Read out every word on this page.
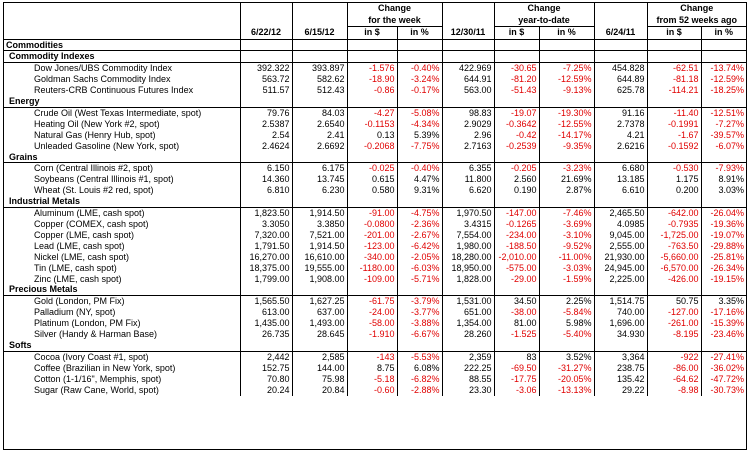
			Change			Change			Change	
			for the week			year-to-date			from 52 weeks ago	
	6/22/12	6/15/12	in $	in %	12/30/11	in $	in %	6/24/11	in $	in %
Commodities										
Commodity Indexes										
Dow Jones/UBS Commodity Index	392.322	393.897	-1.576	-0.40%	422.969	-30.65	-7.25%	454.828	-62.51	-13.74%
Goldman Sachs Commodity Index	563.72	582.62	-18.90	-3.24%	644.91	-81.20	-12.59%	644.89	-81.18	-12.59%
Reuters-CRB Continuous Futures Index	511.57	512.43	-0.86	-0.17%	563.00	-51.43	-9.13%	625.78	-114.21	-18.25%
Energy										
Crude Oil (West Texas Intermediate, spot)	79.76	84.03	-4.27	-5.08%	98.83	-19.07	-19.30%	91.16	-11.40	-12.51%
Heating Oil (New York #2, spot)	2.5387	2.6540	-0.1153	-4.34%	2.9029	-0.3642	-12.55%	2.7378	-0.1991	-7.27%
Natural Gas (Henry Hub, spot)	2.54	2.41	0.13	5.39%	2.96	-0.42	-14.17%	4.21	-1.67	-39.57%
Unleaded Gasoline (New York, spot)	2.4624	2.6692	-0.2068	-7.75%	2.7163	-0.2539	-9.35%	2.6216	-0.1592	-6.07%
Grains										
Corn (Central Illinois #2, spot)	6.150	6.175	-0.025	-0.40%	6.355	-0.205	-3.23%	6.680	-0.530	-7.93%
Soybeans (Central Illinois #1, spot)	14.360	13.745	0.615	4.47%	11.800	2.560	21.69%	13.185	1.175	8.91%
Wheat (St. Louis #2 red, spot)	6.810	6.230	0.580	9.31%	6.620	0.190	2.87%	6.610	0.200	3.03%
Industrial Metals										
Aluminum (LME, cash spot)	1,823.50	1,914.50	-91.00	-4.75%	1,970.50	-147.00	-7.46%	2,465.50	-642.00	-26.04%
Copper (COMEX, cash spot)	3.3050	3.3850	-0.0800	-2.36%	3.4315	-0.1265	-3.69%	4.0985	-0.7935	-19.36%
Copper (LME, cash spot)	7,320.00	7,521.00	-201.00	-2.67%	7,554.00	-234.00	-3.10%	9,045.00	-1,725.00	-19.07%
Lead (LME, cash spot)	1,791.50	1,914.50	-123.00	-6.42%	1,980.00	-188.50	-9.52%	2,555.00	-763.50	-29.88%
Nickel (LME, cash spot)	16,270.00	16,610.00	-340.00	-2.05%	18,280.00	-2,010.00	-11.00%	21,930.00	-5,660.00	-25.81%
Tin (LME, cash spot)	18,375.00	19,555.00	-1180.00	-6.03%	18,950.00	-575.00	-3.03%	24,945.00	-6,570.00	-26.34%
Zinc (LME, cash spot)	1,799.00	1,908.00	-109.00	-5.71%	1,828.00	-29.00	-1.59%	2,225.00	-426.00	-19.15%
Precious Metals										
Gold (London, PM Fix)	1,565.50	1,627.25	-61.75	-3.79%	1,531.00	34.50	2.25%	1,514.75	50.75	3.35%
Palladium (NY, spot)	613.00	637.00	-24.00	-3.77%	651.00	-38.00	-5.84%	740.00	-127.00	-17.16%
Platinum (London, PM Fix)	1,435.00	1,493.00	-58.00	-3.88%	1,354.00	81.00	5.98%	1,696.00	-261.00	-15.39%
Silver (Handy & Harman Base)	26.735	28.645	-1.910	-6.67%	28.260	-1.525	-5.40%	34.930	-8.195	-23.46%
Softs										
Cocoa (Ivory Coast #1, spot)	2,442	2,585	-143	-5.53%	2,359	83	3.52%	3,364	-922	-27.41%
Coffee (Brazilian in New York, spot)	152.75	144.00	8.75	6.08%	222.25	-69.50	-31.27%	238.75	-86.00	-36.02%
Cotton (1-1/16", Memphis, spot)	70.80	75.98	-5.18	-6.82%	88.55	-17.75	-20.05%	135.42	-64.62	-47.72%
Sugar (Raw Cane, World, spot)	20.24	20.84	-0.60	-2.88%	23.30	-3.06	-13.13%	29.22	-8.98	-30.73%
